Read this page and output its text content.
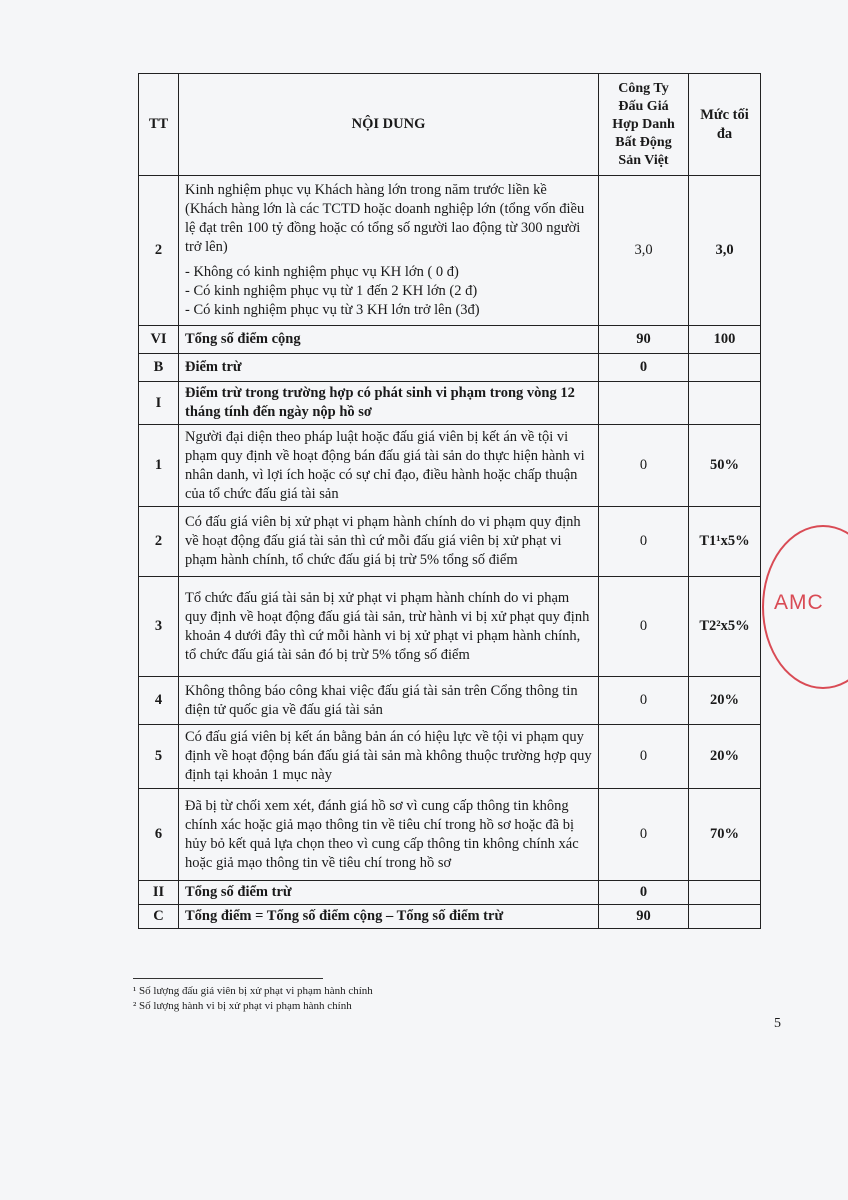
TT	NỘI DUNG	Công Ty Đấu Giá Hợp Danh Bất Động Sản Việt	Mức tối đa
2	Kinh nghiệm phục vụ Khách hàng lớn trong năm trước liền kề (Khách hàng lớn là các TCTD hoặc doanh nghiệp lớn (tổng vốn điều lệ đạt trên 100 tỷ đồng hoặc có tổng số người lao động từ 300 người trở lên)
- Không có kinh nghiệm phục vụ KH lớn ( 0 đ)
- Có kinh nghiệm phục vụ từ 1 đến 2 KH lớn (2 đ)
- Có kinh nghiệm phục vụ từ 3 KH lớn trở lên (3đ)	3,0	3,0
VI	Tổng số điểm cộng	90	100
B	Điểm trừ	0	
I	Điểm trừ trong trường hợp có phát sinh vi phạm trong vòng 12 tháng tính đến ngày nộp hồ sơ		

1	Người đại diện theo pháp luật hoặc đấu giá viên bị kết án về tội vi phạm quy định về hoạt động bán đấu giá tài sản do thực hiện hành vi nhân danh, vì lợi ích hoặc có sự chỉ đạo, điều hành hoặc chấp thuận của tổ chức đấu giá tài sản	0	50%
2	Có đấu giá viên bị xử phạt vi phạm hành chính do vi phạm quy định về hoạt động đấu giá tài sản thì cứ mỗi đấu giá viên bị xử phạt vi phạm hành chính, tổ chức đấu giá bị trừ 5% tổng số điểm	0	T1¹x5%
3	Tổ chức đấu giá tài sản bị xử phạt vi phạm hành chính do vi phạm quy định về hoạt động đấu giá tài sản, trừ hành vi bị xử phạt quy định khoản 4 dưới đây thì cứ mỗi hành vi bị xử phạt vi phạm hành chính, tổ chức đấu giá tài sản đó bị trừ 5% tổng số điểm	0	T2²x5%
4	Không thông báo công khai việc đấu giá tài sản trên Cổng thông tin điện tử quốc gia về đấu giá tài sản	0	20%
5	Có đấu giá viên bị kết án bằng bản án có hiệu lực về tội vi phạm quy định về hoạt động bán đấu giá tài sản mà không thuộc trường hợp quy định tại khoản 1 mục này	0	20%
6	Đã bị từ chối xem xét, đánh giá hồ sơ vì cung cấp thông tin không chính xác hoặc giả mạo thông tin về tiêu chí trong hồ sơ hoặc đã bị hủy bỏ kết quả lựa chọn theo vì cung cấp thông tin không chính xác hoặc giả mạo thông tin về tiêu chí trong hồ sơ	0	70%
II	Tổng số điểm trừ	0	
C	Tổng điểm = Tổng số điểm cộng – Tổng số điểm trừ	90	
¹ Số lượng đấu giá viên bị xử phạt vi phạm hành chính
² Số lượng hành vi bị xử phạt vi phạm hành chính
5
AMC
